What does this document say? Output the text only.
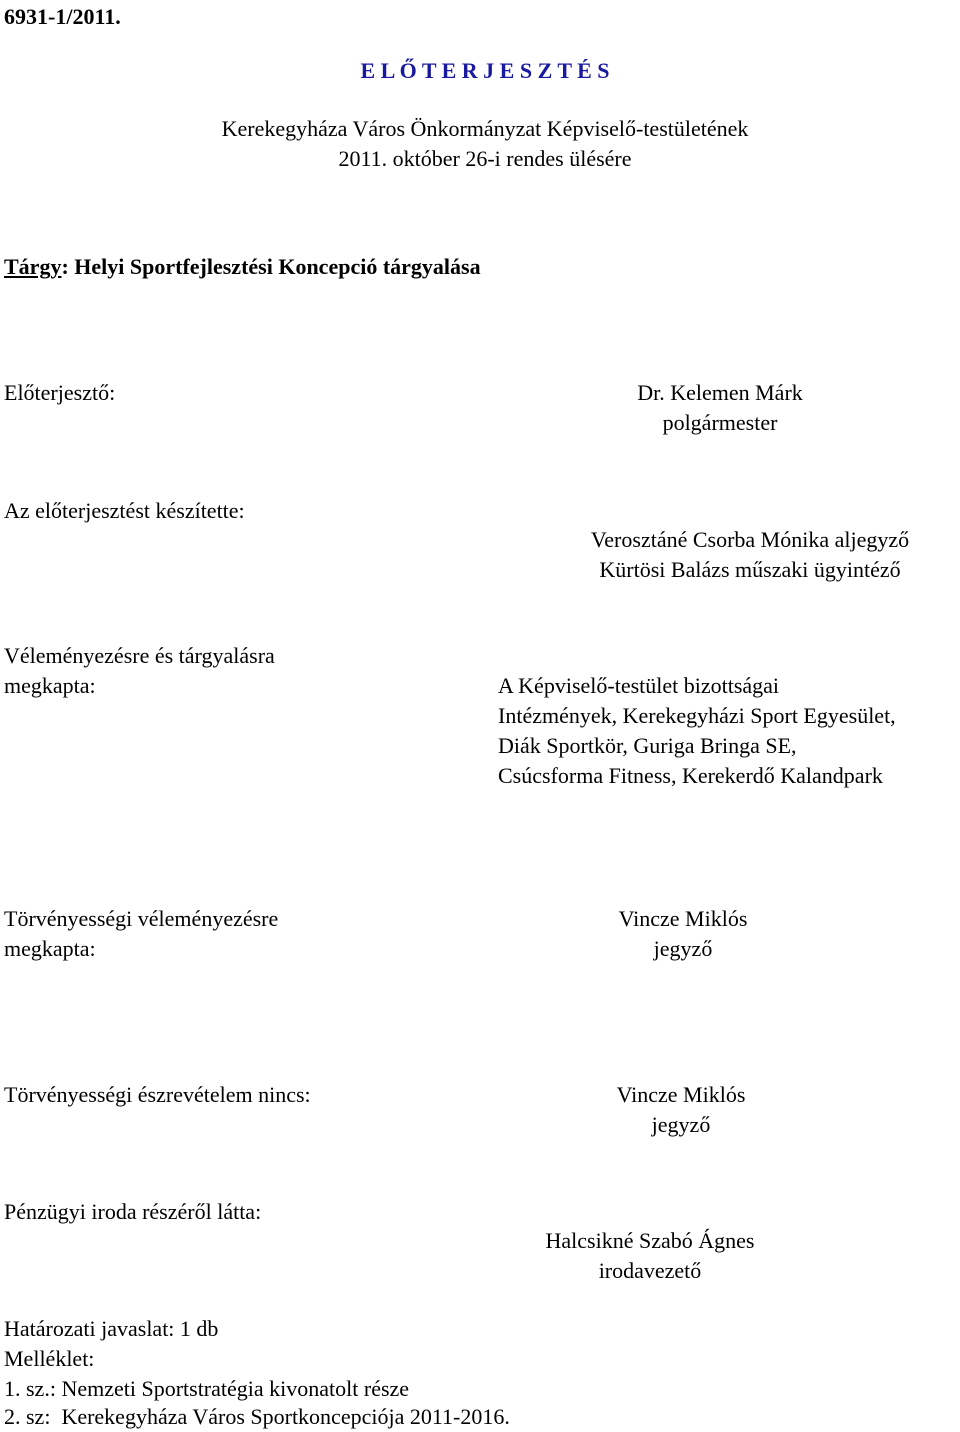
6931-1/2011.
E L Ő T E R J E S Z T É S
Kerekegyháza Város Önkormányzat Képviselő-testületének
2011. október 26-i rendes ülésére
Tárgy: Helyi Sportfejlesztési Koncepció tárgyalása
Előterjesztő:	Dr. Kelemen Márk
polgármester
Az előterjesztést készítette:
Verosztáné Csorba Mónika aljegyző
Kürtösi Balázs műszaki ügyintéző
Véleményezésre és tárgyalásra
megkapta:	A Képviselő-testület bizottságai
Intézmények, Kerekegyházi Sport Egyesület,
Diák Sportkör, Guriga Bringa SE,
Csúcsforma Fitness, Kerekerdő Kalandpark
Törvényességi véleményezésre
megkapta:
Vincze Miklós
jegyző
Törvényességi észrevételem nincs:	Vincze Miklós
jegyző
Pénzügyi iroda részéről látta:
Halcsikné Szabó Ágnes
irodavezető
Határozati javaslat: 1 db
Melléklet:
1. sz.: Nemzeti Sportstratégia kivonatolt része
2. sz:  Kerekegyháza Város Sportkoncepciója 2011-2016.
